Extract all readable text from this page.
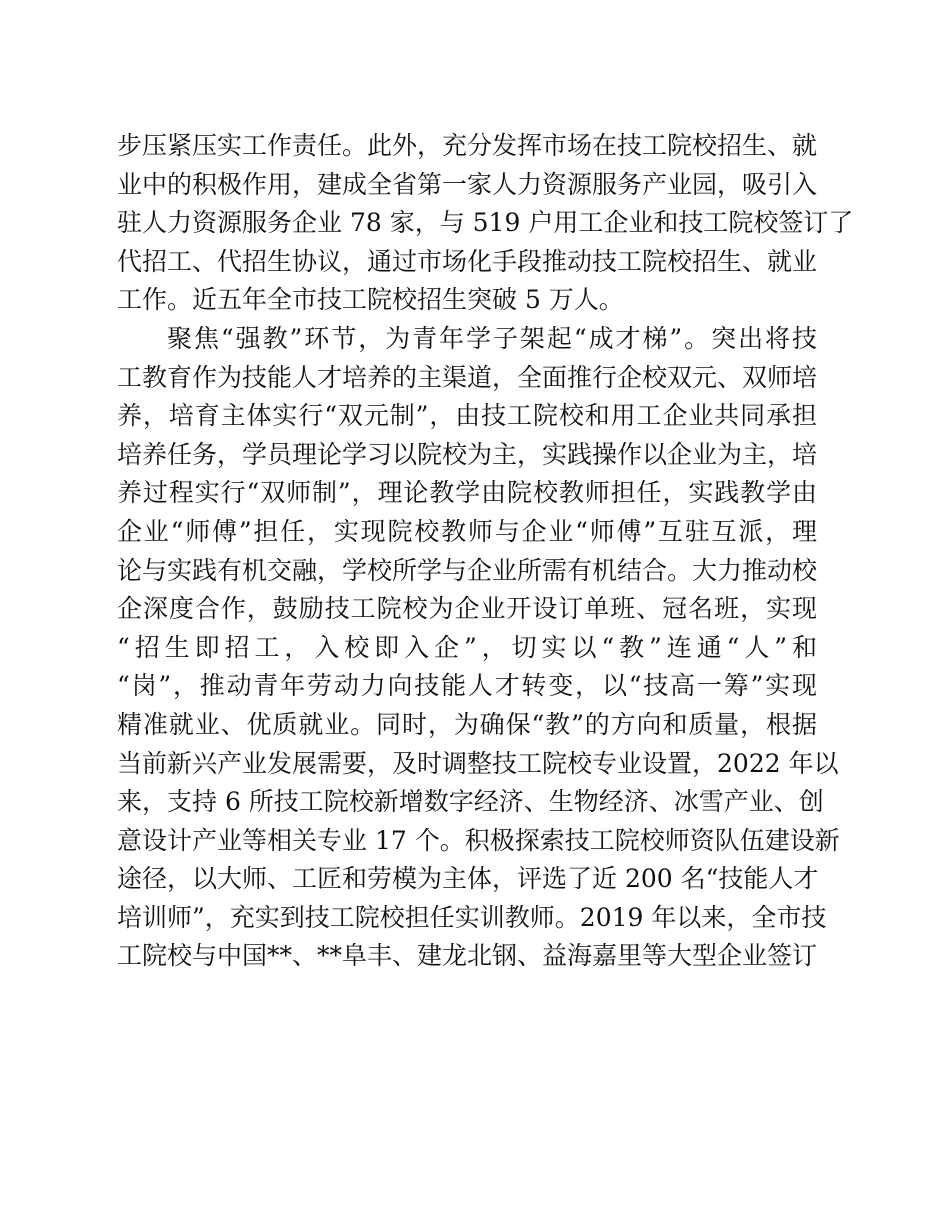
步压紧压实工作责任。此外，充分发挥市场在技工院校招生、就
业中的积极作用，建成全省第一家人力资源服务产业园，吸引入
驻人力资源服务企业 78 家，与 519 户用工企业和技工院校签订了
代招工、代招生协议，通过市场化手段推动技工院校招生、就业
工作。近五年全市技工院校招生突破 5 万人。
聚焦“强教”环节，为青年学子架起“成才梯”。突出将技
工教育作为技能人才培养的主渠道，全面推行企校双元、双师培
养，培育主体实行“双元制”，由技工院校和用工企业共同承担
培养任务，学员理论学习以院校为主，实践操作以企业为主，培
养过程实行“双师制”，理论教学由院校教师担任，实践教学由
企业“师傅”担任，实现院校教师与企业“师傅”互驻互派，理
论与实践有机交融，学校所学与企业所需有机结合。大力推动校
企深度合作，鼓励技工院校为企业开设订单班、冠名班，实现
“招生即招工，入校即入企”，切实以“教”连通“人”和
“岗”，推动青年劳动力向技能人才转变，以“技高一筹”实现
精准就业、优质就业。同时，为确保“教”的方向和质量，根据
当前新兴产业发展需要，及时调整技工院校专业设置，2022 年以
来，支持 6 所技工院校新增数字经济、生物经济、冰雪产业、创
意设计产业等相关专业 17 个。积极探索技工院校师资队伍建设新
途径，以大师、工匠和劳模为主体，评选了近 200 名“技能人才
培训师”，充实到技工院校担任实训教师。2019 年以来，全市技
工院校与中国**、**阜丰、建龙北钢、益海嘉里等大型企业签订
